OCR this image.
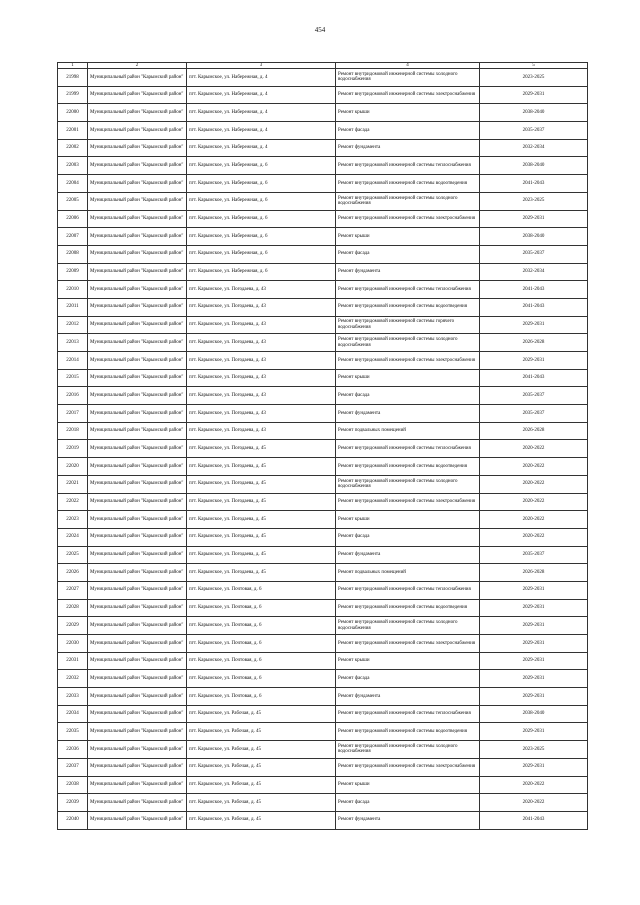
454
1	2	3	4	5
21998	Муниципальный район "Карымский район"	пгт. Карымское, ул. Набережная, д. 4	Ремонт внутридомовой инженерной системы холодного водоснабжения	2023-2025
21999	Муниципальный район "Карымский район"	пгт. Карымское, ул. Набережная, д. 4	Ремонт внутридомовой инженерной системы электроснабжения	2029-2031
22000	Муниципальный район "Карымский район"	пгт. Карымское, ул. Набережная, д. 4	Ремонт крыши	2038-2040
22001	Муниципальный район "Карымский район"	пгт. Карымское, ул. Набережная, д. 4	Ремонт фасада	2035-2037
22002	Муниципальный район "Карымский район"	пгт. Карымское, ул. Набережная, д. 4	Ремонт фундамента	2032-2034
22003	Муниципальный район "Карымский район"	пгт. Карымское, ул. Набережная, д. 6	Ремонт внутридомовой инженерной системы теплоснабжения	2038-2040
22004	Муниципальный район "Карымский район"	пгт. Карымское, ул. Набережная, д. 6	Ремонт внутридомовой инженерной системы водоотведения	2041-2043
22005	Муниципальный район "Карымский район"	пгт. Карымское, ул. Набережная, д. 6	Ремонт внутридомовой инженерной системы холодного водоснабжения	2023-2025
22006	Муниципальный район "Карымский район"	пгт. Карымское, ул. Набережная, д. 6	Ремонт внутридомовой инженерной системы электроснабжения	2029-2031
22007	Муниципальный район "Карымский район"	пгт. Карымское, ул. Набережная, д. 6	Ремонт крыши	2038-2040
22008	Муниципальный район "Карымский район"	пгт. Карымское, ул. Набережная, д. 6	Ремонт фасада	2035-2037
22009	Муниципальный район "Карымский район"	пгт. Карымское, ул. Набережная, д. 6	Ремонт фундамента	2032-2034
22010	Муниципальный район "Карымский район"	пгт. Карымское, ул. Погодаева, д. 43	Ремонт внутридомовой инженерной системы теплоснабжения	2041-2043
22011	Муниципальный район "Карымский район"	пгт. Карымское, ул. Погодаева, д. 43	Ремонт внутридомовой инженерной системы водоотведения	2041-2043
22012	Муниципальный район "Карымский район"	пгт. Карымское, ул. Погодаева, д. 43	Ремонт внутридомовой инженерной системы горячего водоснабжения	2029-2031
22013	Муниципальный район "Карымский район"	пгт. Карымское, ул. Погодаева, д. 43	Ремонт внутридомовой инженерной системы холодного водоснабжения	2026-2028
22014	Муниципальный район "Карымский район"	пгт. Карымское, ул. Погодаева, д. 43	Ремонт внутридомовой инженерной системы электроснабжения	2029-2031
22015	Муниципальный район "Карымский район"	пгт. Карымское, ул. Погодаева, д. 43	Ремонт крыши	2041-2043
22016	Муниципальный район "Карымский район"	пгт. Карымское, ул. Погодаева, д. 43	Ремонт фасада	2035-2037
22017	Муниципальный район "Карымский район"	пгт. Карымское, ул. Погодаева, д. 43	Ремонт фундамента	2035-2037
22018	Муниципальный район "Карымский район"	пгт. Карымское, ул. Погодаева, д. 43	Ремонт подвальных помещений	2026-2028
22019	Муниципальный район "Карымский район"	пгт. Карымское, ул. Погодаева, д. 45	Ремонт внутридомовой инженерной системы теплоснабжения	2020-2022
22020	Муниципальный район "Карымский район"	пгт. Карымское, ул. Погодаева, д. 45	Ремонт внутридомовой инженерной системы водоотведения	2020-2022
22021	Муниципальный район "Карымский район"	пгт. Карымское, ул. Погодаева, д. 45	Ремонт внутридомовой инженерной системы холодного водоснабжения	2020-2022
22022	Муниципальный район "Карымский район"	пгт. Карымское, ул. Погодаева, д. 45	Ремонт внутридомовой инженерной системы электроснабжения	2020-2022
22023	Муниципальный район "Карымский район"	пгт. Карымское, ул. Погодаева, д. 45	Ремонт крыши	2020-2022
22024	Муниципальный район "Карымский район"	пгт. Карымское, ул. Погодаева, д. 45	Ремонт фасада	2020-2022
22025	Муниципальный район "Карымский район"	пгт. Карымское, ул. Погодаева, д. 45	Ремонт фундамента	2035-2037
22026	Муниципальный район "Карымский район"	пгт. Карымское, ул. Погодаева, д. 45	Ремонт подвальных помещений	2026-2028
22027	Муниципальный район "Карымский район"	пгт. Карымское, ул. Почтовая, д. 6	Ремонт внутридомовой инженерной системы теплоснабжения	2029-2031
22028	Муниципальный район "Карымский район"	пгт. Карымское, ул. Почтовая, д. 6	Ремонт внутридомовой инженерной системы водоотведения	2029-2031
22029	Муниципальный район "Карымский район"	пгт. Карымское, ул. Почтовая, д. 6	Ремонт внутридомовой инженерной системы холодного водоснабжения	2029-2031
22030	Муниципальный район "Карымский район"	пгт. Карымское, ул. Почтовая, д. 6	Ремонт внутридомовой инженерной системы электроснабжения	2029-2031
22031	Муниципальный район "Карымский район"	пгт. Карымское, ул. Почтовая, д. 6	Ремонт крыши	2029-2031
22032	Муниципальный район "Карымский район"	пгт. Карымское, ул. Почтовая, д. 6	Ремонт фасада	2029-2031
22033	Муниципальный район "Карымский район"	пгт. Карымское, ул. Почтовая, д. 6	Ремонт фундамента	2029-2031
22034	Муниципальный район "Карымский район"	пгт. Карымское, ул. Рабочая, д. 45	Ремонт внутридомовой инженерной системы теплоснабжения	2038-2040
22035	Муниципальный район "Карымский район"	пгт. Карымское, ул. Рабочая, д. 45	Ремонт внутридомовой инженерной системы водоотведения	2029-2031
22036	Муниципальный район "Карымский район"	пгт. Карымское, ул. Рабочая, д. 45	Ремонт внутридомовой инженерной системы холодного водоснабжения	2023-2025
22037	Муниципальный район "Карымский район"	пгт. Карымское, ул. Рабочая, д. 45	Ремонт внутридомовой инженерной системы электроснабжения	2029-2031
22038	Муниципальный район "Карымский район"	пгт. Карымское, ул. Рабочая, д. 45	Ремонт крыши	2020-2022
22039	Муниципальный район "Карымский район"	пгт. Карымское, ул. Рабочая, д. 45	Ремонт фасада	2020-2022
22040	Муниципальный район "Карымский район"	пгт. Карымское, ул. Рабочая, д. 45	Ремонт фундамента	2041-2043
